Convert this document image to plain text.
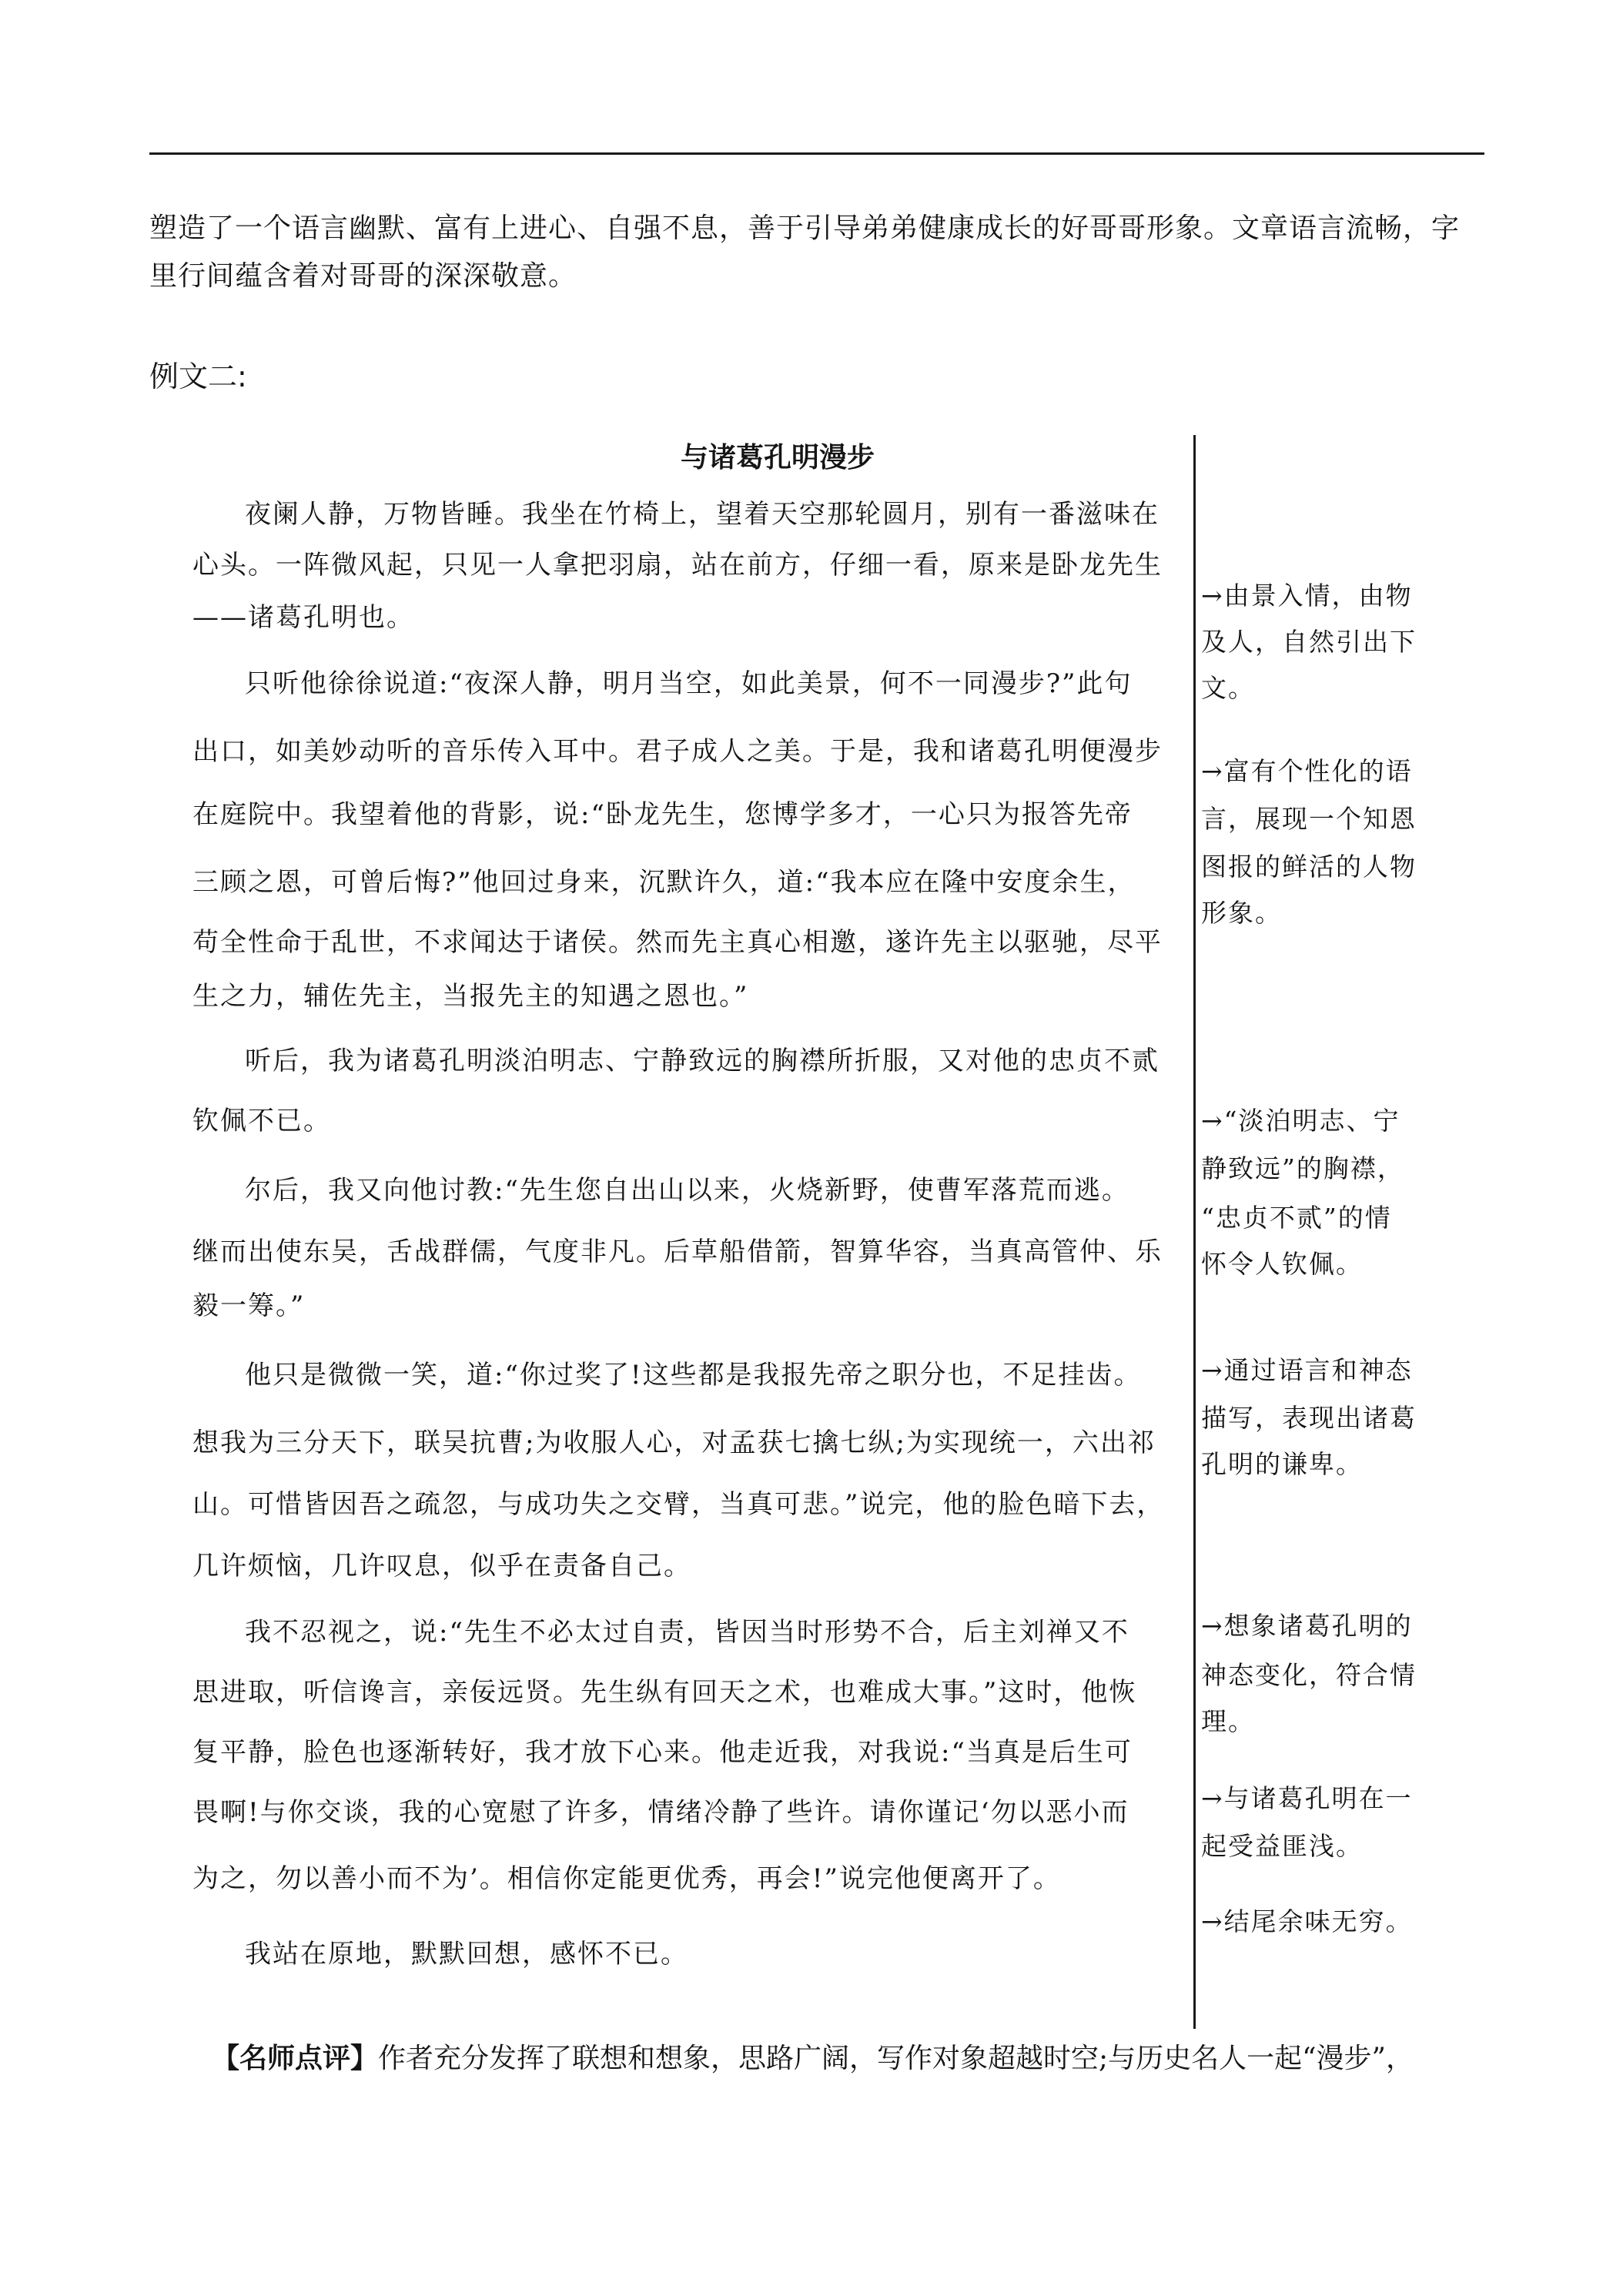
塑造了一个语言幽默、富有上进心、自强不息，善于引导弟弟健康成长的好哥哥形象。文章语言流畅，字
里行间蕴含着对哥哥的深深敬意。
例文二:
与诸葛孔明漫步
夜阑人静，万物皆睡。我坐在竹椅上，望着天空那轮圆月，别有一番滋味在
心头。一阵微风起，只见一人拿把羽扇，站在前方，仔细一看，原来是卧龙先生
——诸葛孔明也。
只听他徐徐说道:“夜深人静，明月当空，如此美景，何不一同漫步?”此句
出口，如美妙动听的音乐传入耳中。君子成人之美。于是，我和诸葛孔明便漫步
在庭院中。我望着他的背影，说:“卧龙先生，您博学多才，一心只为报答先帝
三顾之恩，可曾后悔?”他回过身来，沉默许久，道:“我本应在隆中安度余生，
苟全性命于乱世，不求闻达于诸侯。然而先主真心相邀，遂许先主以驱驰，尽平
生之力，辅佐先主，当报先主的知遇之恩也。”
听后，我为诸葛孔明淡泊明志、宁静致远的胸襟所折服，又对他的忠贞不贰
钦佩不已。
尔后，我又向他讨教:“先生您自出山以来，火烧新野，使曹军落荒而逃。
继而出使东吴，舌战群儒，气度非凡。后草船借箭，智算华容，当真高管仲、乐
毅一筹。”
他只是微微一笑，道:“你过奖了!这些都是我报先帝之职分也，不足挂齿。
想我为三分天下，联吴抗曹;为收服人心，对孟获七擒七纵;为实现统一，六出祁
山。可惜皆因吾之疏忽，与成功失之交臂，当真可悲。”说完，他的脸色暗下去，
几许烦恼，几许叹息，似乎在责备自己。
我不忍视之，说:“先生不必太过自责，皆因当时形势不合，后主刘禅又不
思进取，听信谗言，亲佞远贤。先生纵有回天之术，也难成大事。”这时，他恢
复平静，脸色也逐渐转好，我才放下心来。他走近我，对我说:“当真是后生可
畏啊!与你交谈，我的心宽慰了许多，情绪冷静了些许。请你谨记‘勿以恶小而
为之，勿以善小而不为’。相信你定能更优秀，再会!”说完他便离开了。
我站在原地，默默回想，感怀不已。
→由景入情，由物
及人，自然引出下
文。
→富有个性化的语
言，展现一个知恩
图报的鲜活的人物
形象。
→“淡泊明志、宁
静致远”的胸襟，
“忠贞不贰”的情
怀令人钦佩。
→通过语言和神态
描写，表现出诸葛
孔明的谦卑。
→想象诸葛孔明的
神态变化，符合情
理。
→与诸葛孔明在一
起受益匪浅。
→结尾余味无穷。
【名师点评】作者充分发挥了联想和想象，思路广阔，写作对象超越时空;与历史名人一起“漫步”，
